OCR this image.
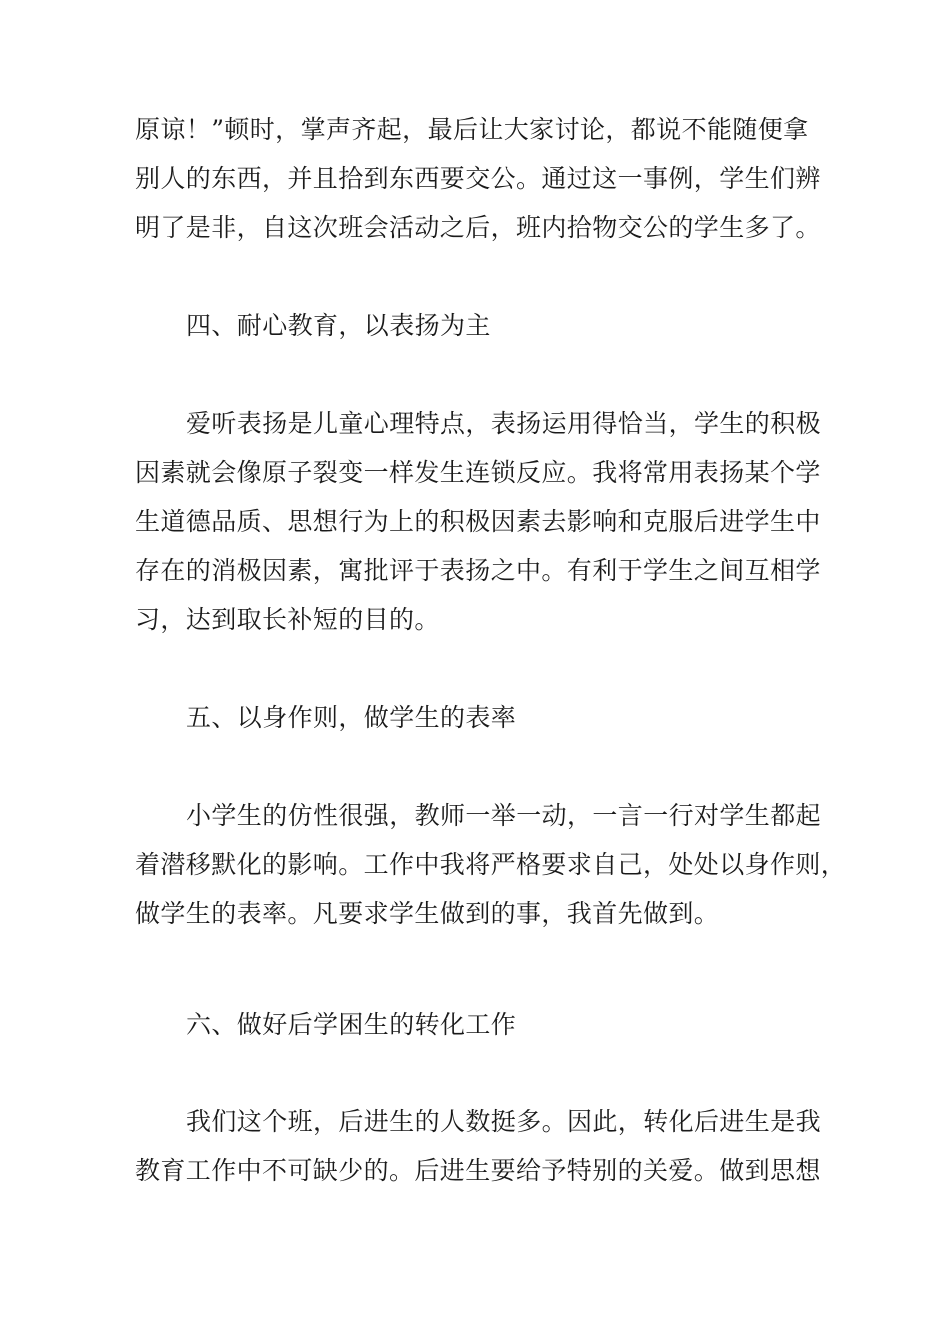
原谅！”顿时，掌声齐起，最后让大家讨论，都说不能随便拿
别人的东西，并且拾到东西要交公。通过这一事例，学生们辨
明了是非，自这次班会活动之后，班内拾物交公的学生多了。
四、耐心教育，以表扬为主
爱听表扬是儿童心理特点，表扬运用得恰当，学生的积极
因素就会像原子裂变一样发生连锁反应。我将常用表扬某个学
生道德品质、思想行为上的积极因素去影响和克服后进学生中
存在的消极因素，寓批评于表扬之中。有利于学生之间互相学
习，达到取长补短的目的。
五、以身作则，做学生的表率
小学生的仿性很强，教师一举一动，一言一行对学生都起
着潜移默化的影响。工作中我将严格要求自己，处处以身作则，
做学生的表率。凡要求学生做到的事，我首先做到。
六、做好后学困生的转化工作
我们这个班，后进生的人数挺多。因此，转化后进生是我
教育工作中不可缺少的。后进生要给予特别的关爱。做到思想
